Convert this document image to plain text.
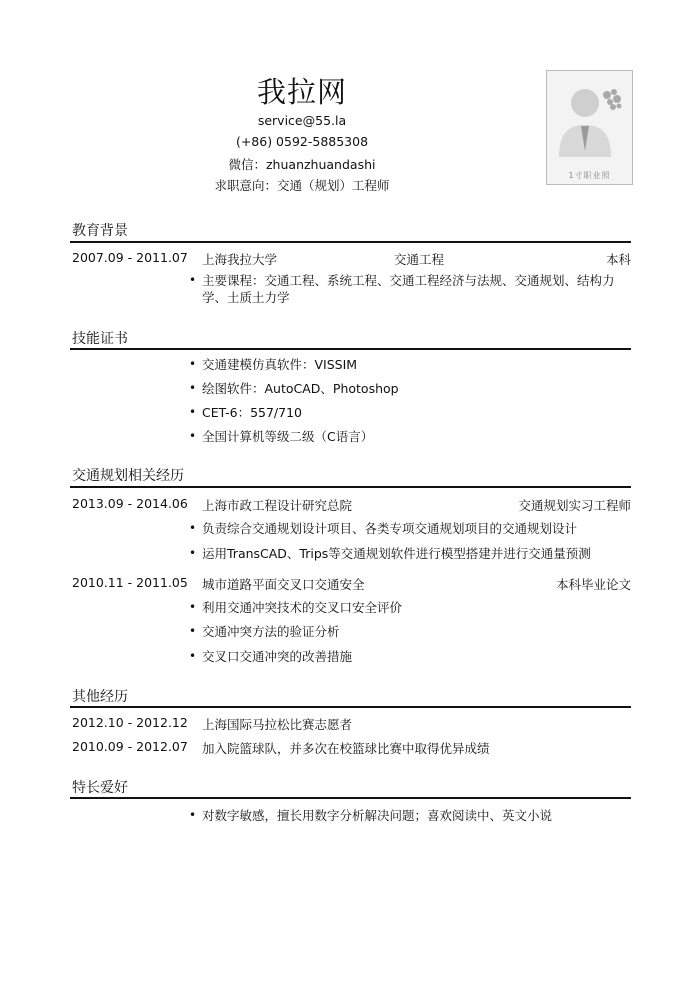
我拉网
service@55.la
(+86) 0592-5885308
微信：zhuanzhuandashi
求职意向：交通（规划）工程师
1寸职业照
教育背景
2007.09 - 2011.07 上海我拉大学	交通工程	本科
• 主要课程：交通工程、系统工程、交通工程经济与法规、交通规划、结构力学、土质土力学
技能证书
• 交通建模仿真软件：VISSIM
• 绘图软件：AutoCAD、Photoshop
• CET-6：557/710
• 全国计算机等级二级（C语言）
交通规划相关经历
2013.09 - 2014.06 上海市政工程设计研究总院	交通规划实习工程师
• 负责综合交通规划设计项目、各类专项交通规划项目的交通规划设计
• 运用TransCAD、Trips等交通规划软件进行模型搭建并进行交通量预测
2010.11 - 2011.05 城市道路平面交叉口交通安全	本科毕业论文
• 利用交通冲突技术的交叉口安全评价
• 交通冲突方法的验证分析
• 交叉口交通冲突的改善措施
其他经历
2012.10 - 2012.12 上海国际马拉松比赛志愿者
2010.09 - 2012.07 加入院篮球队，并多次在校篮球比赛中取得优异成绩
特长爱好
• 对数字敏感，擅长用数字分析解决问题；喜欢阅读中、英文小说
